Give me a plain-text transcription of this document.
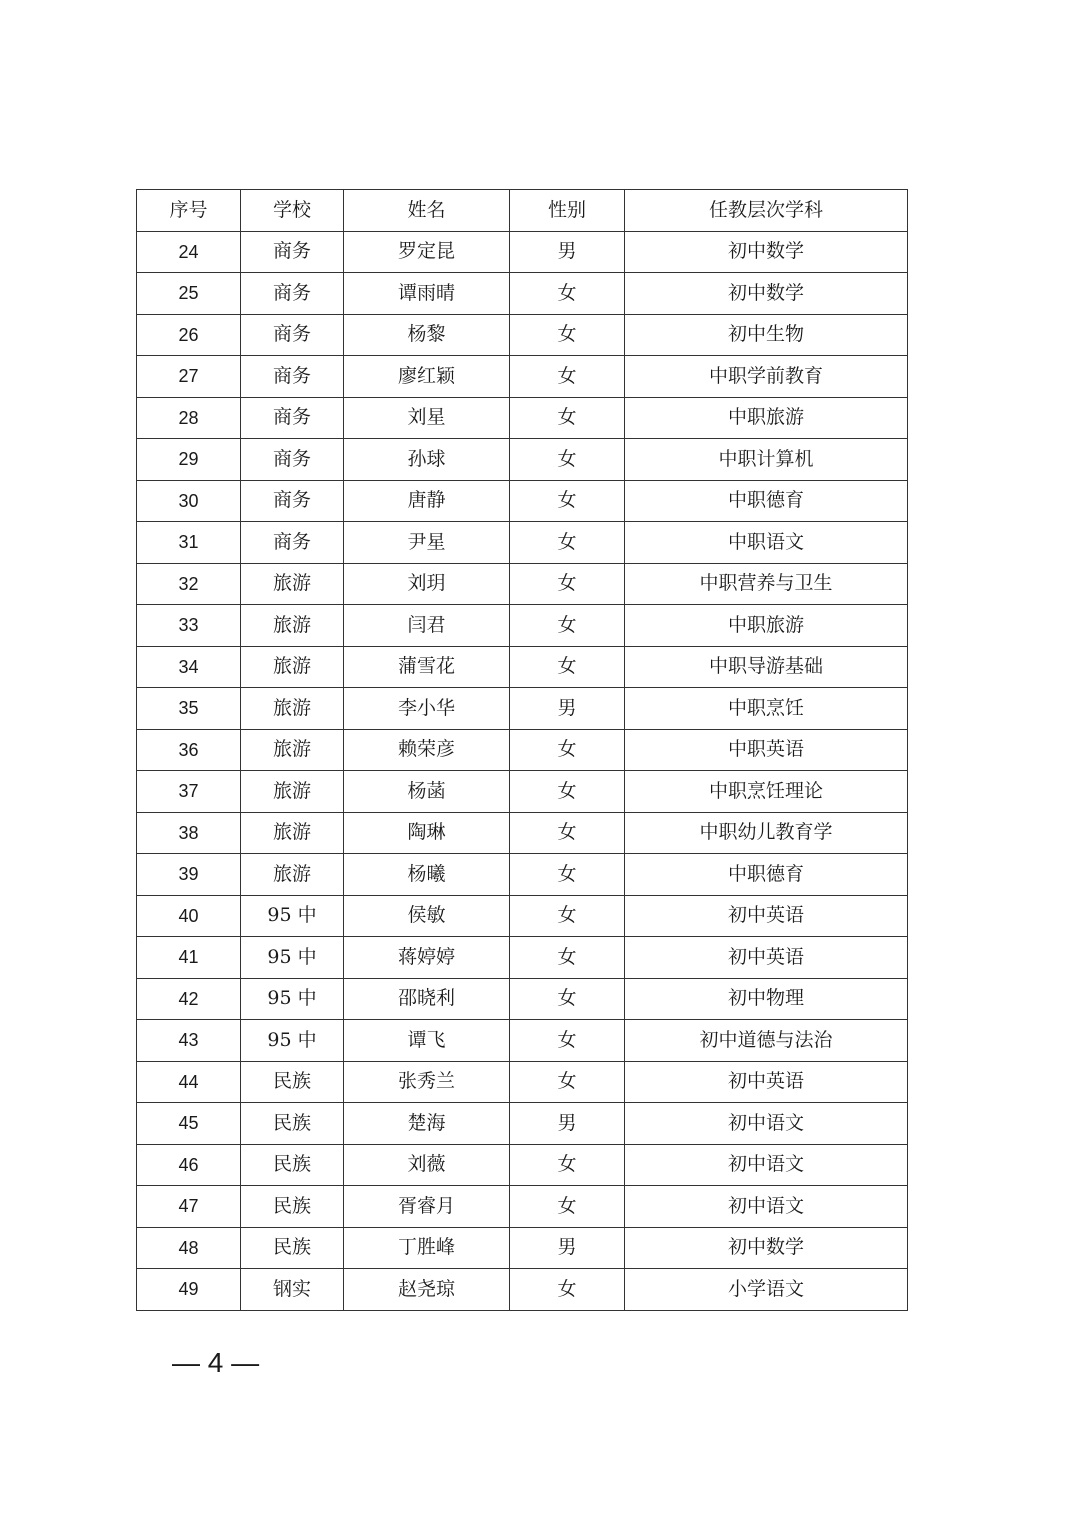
序号	学校	姓名	性别	任教层次学科
24	商务	罗定昆	男	初中数学
25	商务	谭雨晴	女	初中数学
26	商务	杨黎	女	初中生物
27	商务	廖红颖	女	中职学前教育
28	商务	刘星	女	中职旅游
29	商务	孙球	女	中职计算机
30	商务	唐静	女	中职德育
31	商务	尹星	女	中职语文
32	旅游	刘玥	女	中职营养与卫生
33	旅游	闫君	女	中职旅游
34	旅游	蒲雪花	女	中职导游基础
35	旅游	李小华	男	中职烹饪
36	旅游	赖荣彦	女	中职英语
37	旅游	杨菡	女	中职烹饪理论
38	旅游	陶琳	女	中职幼儿教育学
39	旅游	杨曦	女	中职德育
40	95 中	侯敏	女	初中英语
41	95 中	蒋婷婷	女	初中英语
42	95 中	邵晓利	女	初中物理
43	95 中	谭飞	女	初中道德与法治
44	民族	张秀兰	女	初中英语
45	民族	楚海	男	初中语文
46	民族	刘薇	女	初中语文
47	民族	胥睿月	女	初中语文
48	民族	丁胜峰	男	初中数学
49	钢实	赵尧琼	女	小学语文
— 4 —
